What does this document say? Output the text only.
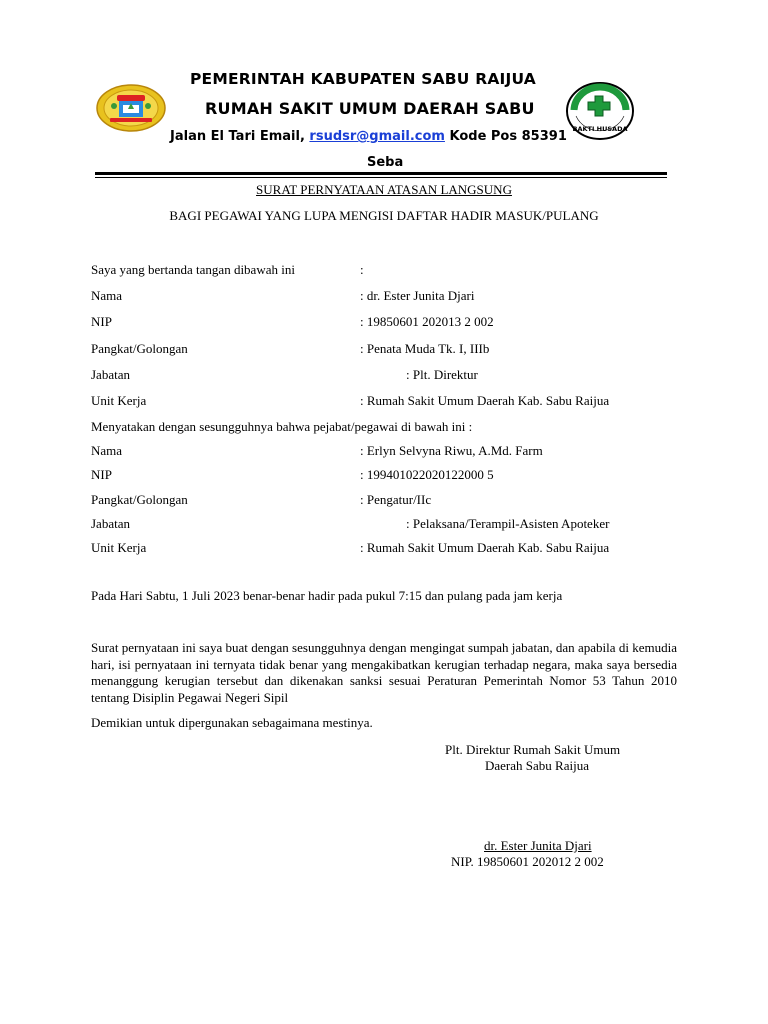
BAKTI HUSADA
PEMERINTAH KABUPATEN SABU RAIJUA
RUMAH SAKIT UMUM DAERAH SABU
Jalan El Tari Email, rsudsr@gmail.com Kode Pos 85391
Seba
SURAT PERNYATAAN ATASAN LANGSUNG
BAGI PEGAWAI YANG LUPA MENGISI DAFTAR HADIR MASUK/PULANG
Saya yang bertanda tangan dibawah ini	:
Nama	: dr. Ester Junita Djari
NIP	: 19850601 202013 2 002
Pangkat/Golongan	: Penata Muda Tk. I, IIIb
Jabatan	: Plt. Direktur
Unit Kerja	: Rumah Sakit Umum Daerah Kab. Sabu Raijua
Menyatakan dengan sesungguhnya bahwa pejabat/pegawai di bawah ini :
Nama	: Erlyn Selvyna Riwu, A.Md. Farm
NIP	: 199401022020122000 5
Pangkat/Golongan	: Pengatur/IIc
Jabatan	: Pelaksana/Terampil-Asisten Apoteker
Unit Kerja	: Rumah Sakit Umum Daerah Kab. Sabu Raijua
Pada Hari Sabtu, 1 Juli 2023 benar-benar hadir pada pukul 7:15 dan pulang pada jam kerja
Surat pernyataan ini saya buat dengan sesungguhnya dengan mengingat sumpah jabatan, dan apabila di kemudia hari, isi pernyataan ini ternyata tidak benar yang mengakibatkan kerugian terhadap negara, maka saya bersedia menanggung kerugian tersebut dan dikenakan sanksi sesuai Peraturan Pemerintah Nomor 53 Tahun 2010 tentang Disiplin Pegawai Negeri Sipil
Demikian untuk dipergunakan sebagaimana mestinya.
Plt. Direktur Rumah Sakit Umum
Daerah Sabu Raijua
dr. Ester Junita Djari
NIP. 19850601 202012 2 002
